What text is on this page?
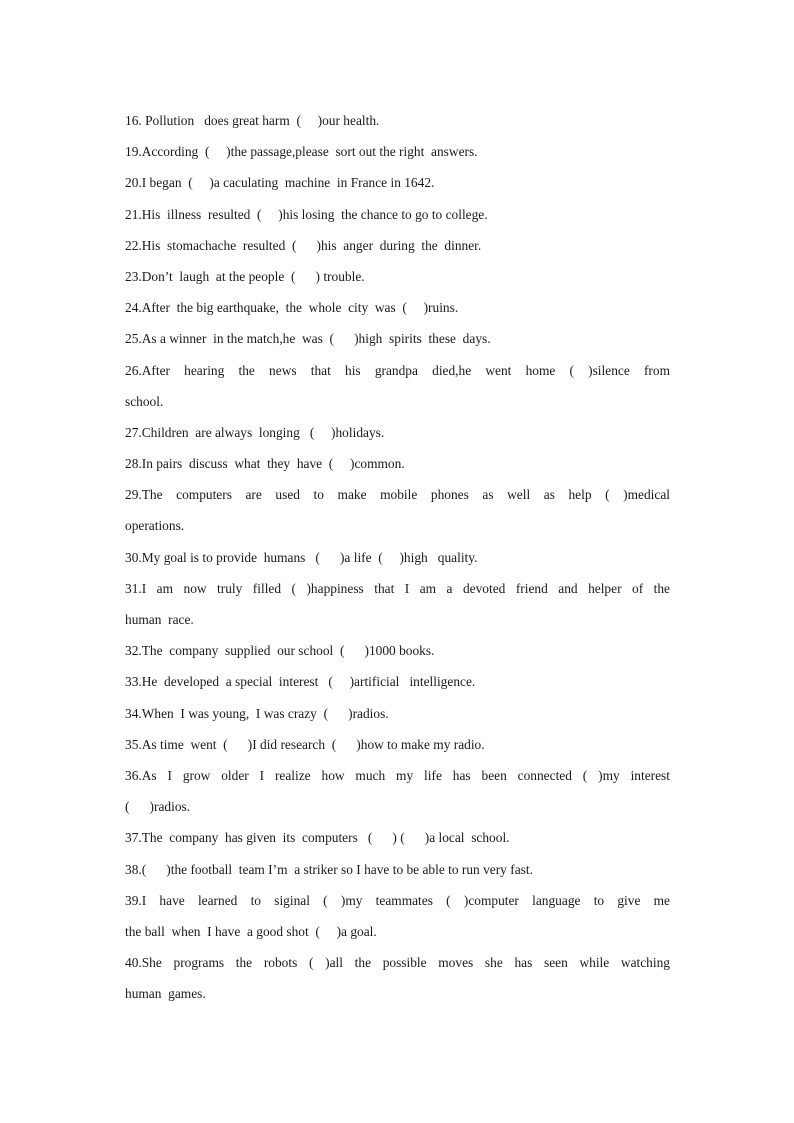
16. Pollution   does great harm  (     )our health.
19.According  (     )the passage,please  sort out the right  answers.
20.I began  (     )a caculating  machine  in France in 1642.
21.His  illness  resulted  (     )his losing  the chance to go to college.
22.His  stomachache  resulted  (      )his  anger  during  the  dinner.
23.Don’t  laugh  at the people  (      ) trouble.
24.After  the big earthquake,  the  whole  city  was  (     )ruins.
25.As a winner  in the match,he  was  (      )high  spirits  these  days.
26.After hearing the news that his grandpa died,he went home ( )silence from
school.
27.Children  are always  longing   (     )holidays.
28.In pairs  discuss  what  they  have  (     )common.
29.The computers are used to make mobile phones as well as help ( )medical
operations.
30.My goal is to provide  humans   (      )a life  (     )high   quality.
31.I am now truly filled ( )happiness that I am a devoted friend and helper of the
human  race.
32.The  company  supplied  our school  (      )1000 books.
33.He  developed  a special  interest   (     )artificial   intelligence.
34.When  I was young,  I was crazy  (      )radios.
35.As time  went  (      )I did research  (      )how to make my radio.
36.As I grow older I realize how much my life has been connected ( )my interest
(      )radios.
37.The  company  has given  its  computers   (      ) (      )a local  school.
38.(      )the football  team I’m  a striker so I have to be able to run very fast.
39.I have learned to siginal ( )my teammates ( )computer language to give me
the ball  when  I have  a good shot  (     )a goal.
40.She programs the robots ( )all the possible moves she has seen while watching
human  games.
